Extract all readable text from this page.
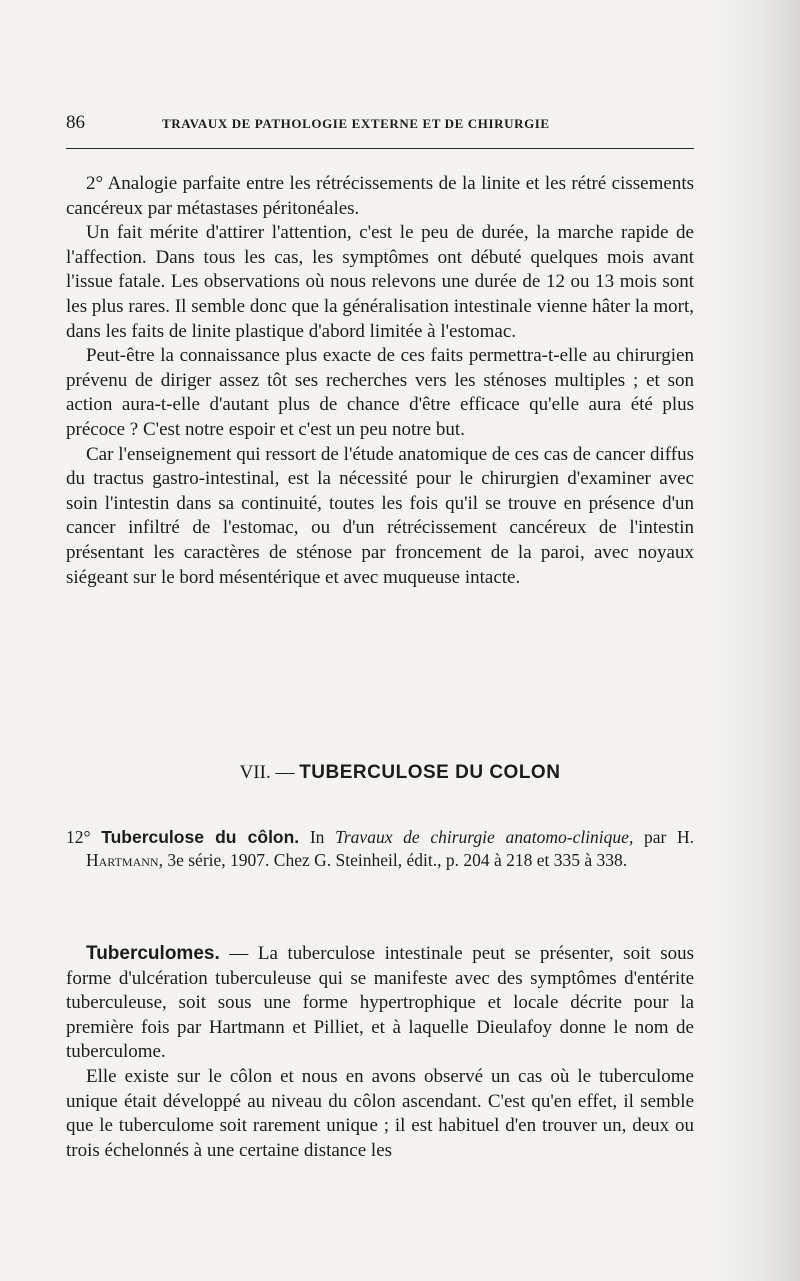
86	TRAVAUX DE PATHOLOGIE EXTERNE ET DE CHIRURGIE

2° Analogie parfaite entre les rétrécissements de la linite et les rétré cissements cancéreux par métastases péritonéales.

Un fait mérite d'attirer l'attention, c'est le peu de durée, la marche rapide de l'affection. Dans tous les cas, les symptômes ont débuté quelques mois avant l'issue fatale. Les observations où nous relevons une durée de 12 ou 13 mois sont les plus rares. Il semble donc que la généralisation intestinale vienne hâter la mort, dans les faits de linite plastique d'abord limitée à l'estomac.

Peut-être la connaissance plus exacte de ces faits permettra-t-elle au chirurgien prévenu de diriger assez tôt ses recherches vers les sténoses multiples ; et son action aura-t-elle d'autant plus de chance d'être efficace qu'elle aura été plus précoce ? C'est notre espoir et c'est un peu notre but.

Car l'enseignement qui ressort de l'étude anatomique de ces cas de cancer diffus du tractus gastro-intestinal, est la nécessité pour le chirurgien d'examiner avec soin l'intestin dans sa continuité, toutes les fois qu'il se trouve en présence d'un cancer infiltré de l'estomac, ou d'un rétrécissement cancéreux de l'intestin présentant les caractères de sténose par froncement de la paroi, avec noyaux siégeant sur le bord mésentérique et avec muqueuse intacte.

VII. — TUBERCULOSE DU COLON
12° Tuberculose du côlon. In Travaux de chirurgie anatomo-clinique, par H. Hartmann, 3e série, 1907. Chez G. Steinheil, édit., p. 204 à 218 et 335 à 338.

Tuberculomes. — La tuberculose intestinale peut se présenter, soit sous forme d'ulcération tuberculeuse qui se manifeste avec des symptômes d'entérite tuberculeuse, soit sous une forme hypertrophique et locale décrite pour la première fois par Hartmann et Pilliet, et à laquelle Dieulafoy donne le nom de tuberculome.

Elle existe sur le côlon et nous en avons observé un cas où le tuberculome unique était développé au niveau du côlon ascendant. C'est qu'en effet, il semble que le tuberculome soit rarement unique ; il est habituel d'en trouver un, deux ou trois échelonnés à une certaine distance les
